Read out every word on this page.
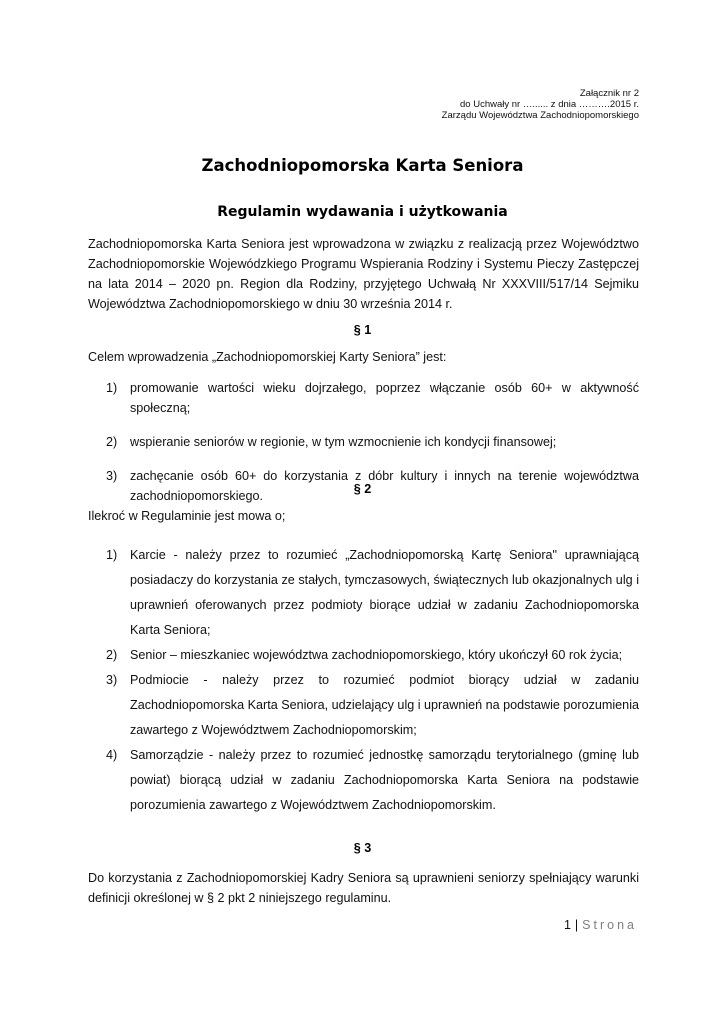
Załącznik nr 2
do Uchwały nr …...... z dnia ……….2015 r.
Zarządu Województwa Zachodniopomorskiego
Zachodniopomorska Karta Seniora
Regulamin wydawania i użytkowania
Zachodniopomorska Karta Seniora jest wprowadzona w związku z realizacją przez Województwo Zachodniopomorskie Wojewódzkiego Programu Wspierania Rodziny i Systemu Pieczy Zastępczej na lata 2014 – 2020 pn. Region dla Rodziny, przyjętego Uchwałą Nr XXXVIII/517/14 Sejmiku Województwa Zachodniopomorskiego w dniu 30 września 2014 r.
§ 1
Celem wprowadzenia „Zachodniopomorskiej Karty Seniora” jest:
1) promowanie wartości wieku dojrzałego, poprzez włączanie osób 60+ w aktywność społeczną;
2) wspieranie seniorów w regionie, w tym wzmocnienie ich kondycji finansowej;
3) zachęcanie osób 60+ do korzystania z dóbr kultury i innych na terenie województwa zachodniopomorskiego.	§ 2
Ilekroć w Regulaminie jest mowa o;
1) Karcie - należy przez to rozumieć „Zachodniopomorską Kartę Seniora" uprawniającą posiadaczy do korzystania ze stałych, tymczasowych, świątecznych lub okazjonalnych ulg i uprawnień oferowanych przez podmioty biorące udział w zadaniu Zachodniopomorska Karta Seniora;
2) Senior – mieszkaniec województwa zachodniopomorskiego, który ukończył 60 rok życia;
3) Podmiocie - należy przez to rozumieć podmiot biorący udział w zadaniu Zachodniopomorska Karta Seniora, udzielający ulg i uprawnień na podstawie porozumienia zawartego z Województwem Zachodniopomorskim;
4) Samorządzie - należy przez to rozumieć jednostkę samorządu terytorialnego (gminę lub powiat) biorącą udział w zadaniu Zachodniopomorska Karta Seniora na podstawie porozumienia zawartego z Województwem Zachodniopomorskim.
§ 3
Do korzystania z Zachodniopomorskiej Kadry Seniora są uprawnieni seniorzy spełniający warunki definicji określonej w § 2 pkt 2 niniejszego regulaminu.
1 | Strona
